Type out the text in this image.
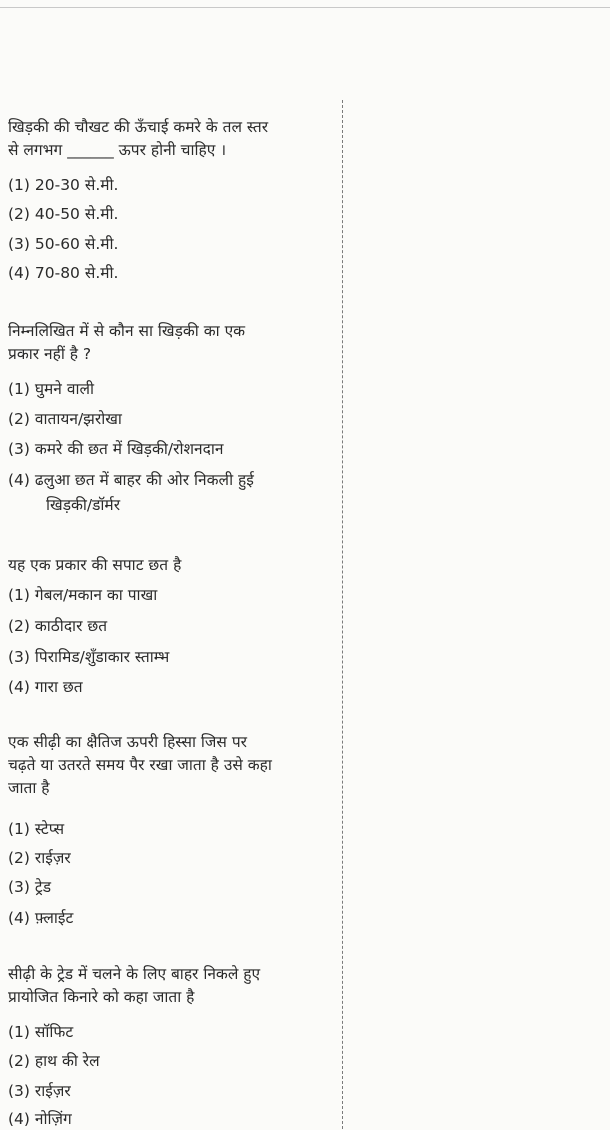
खिड़की की चौखट की ऊँचाई कमरे के तल स्तर
से लगभग ______ ऊपर होनी चाहिए ।
(1) 20-30 से.मी.
(2) 40-50 से.मी.
(3) 50-60 से.मी.
(4) 70-80 से.मी.
निम्नलिखित में से कौन सा खिड़की का एक
प्रकार नहीं है ?
(1) घुमने वाली
(2) वातायन/झरोखा
(3) कमरे की छत में खिड़की/रोशनदान
(4) ढलुआ छत में बाहर की ओर निकली हुई
खिड़की/डॉर्मर
यह एक प्रकार की सपाट छत है
(1) गेबल/मकान का पाखा
(2) काठीदार छत
(3) पिरामिड/शुँडाकार स्ताम्भ
(4) गारा छत
एक सीढ़ी का क्षैतिज ऊपरी हिस्सा जिस पर
चढ़ते या उतरते समय पैर रखा जाता है उसे कहा
जाता है
(1) स्टेप्स
(2) राईज़र
(3) ट्रेड
(4) फ़्लाईट
सीढ़ी के ट्रेड में चलने के लिए बाहर निकले हुए
प्रायोजित किनारे को कहा जाता है
(1) सॉफिट
(2) हाथ की रेल
(3) राईज़र
(4) नोज़िंग
